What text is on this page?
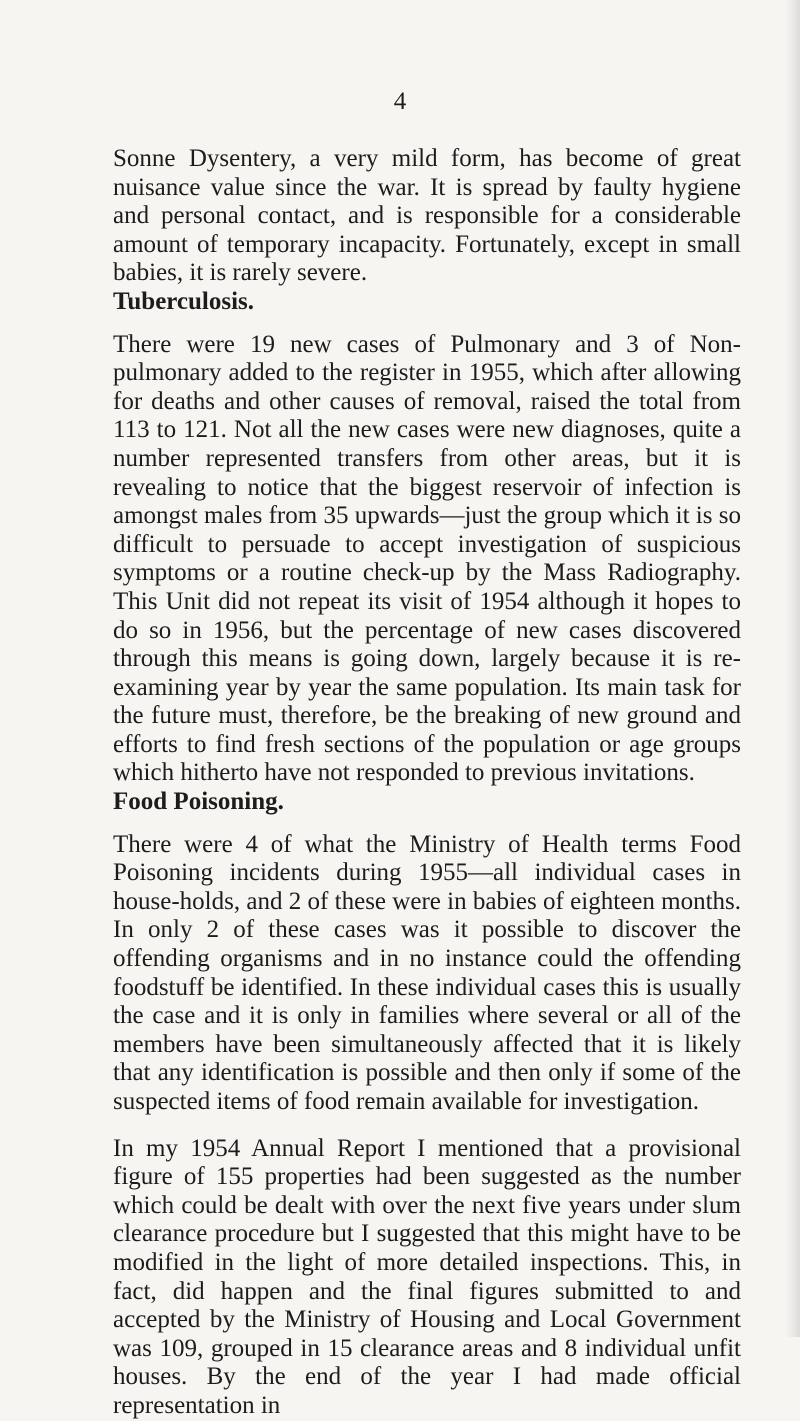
4

Sonne Dysentery, a very mild form, has become of great nuisance value since the war. It is spread by faulty hygiene and personal contact, and is responsible for a considerable amount of temporary incapacity. Fortunately, except in small babies, it is rarely severe.

Tuberculosis.

There were 19 new cases of Pulmonary and 3 of Non-pulmonary added to the register in 1955, which after allowing for deaths and other causes of removal, raised the total from 113 to 121. Not all the new cases were new diagnoses, quite a number represented transfers from other areas, but it is revealing to notice that the biggest reservoir of infection is amongst males from 35 upwards—just the group which it is so difficult to persuade to accept investigation of suspicious symptoms or a routine check-up by the Mass Radiography. This Unit did not repeat its visit of 1954 although it hopes to do so in 1956, but the percentage of new cases discovered through this means is going down, largely because it is re-examining year by year the same population. Its main task for the future must, therefore, be the breaking of new ground and efforts to find fresh sections of the population or age groups which hitherto have not responded to previous invitations.

Food Poisoning.

There were 4 of what the Ministry of Health terms Food Poisoning incidents during 1955—all individual cases in house-holds, and 2 of these were in babies of eighteen months. In only 2 of these cases was it possible to discover the offending organisms and in no instance could the offending foodstuff be identified. In these individual cases this is usually the case and it is only in families where several or all of the members have been simultaneously affected that it is likely that any identification is possible and then only if some of the suspected items of food remain available for investigation.

In my 1954 Annual Report I mentioned that a provisional figure of 155 properties had been suggested as the number which could be dealt with over the next five years under slum clearance procedure but I suggested that this might have to be modified in the light of more detailed inspections. This, in fact, did happen and the final figures submitted to and accepted by the Ministry of Housing and Local Government was 109, grouped in 15 clearance areas and 8 individual unfit houses. By the end of the year I had made official representation in
